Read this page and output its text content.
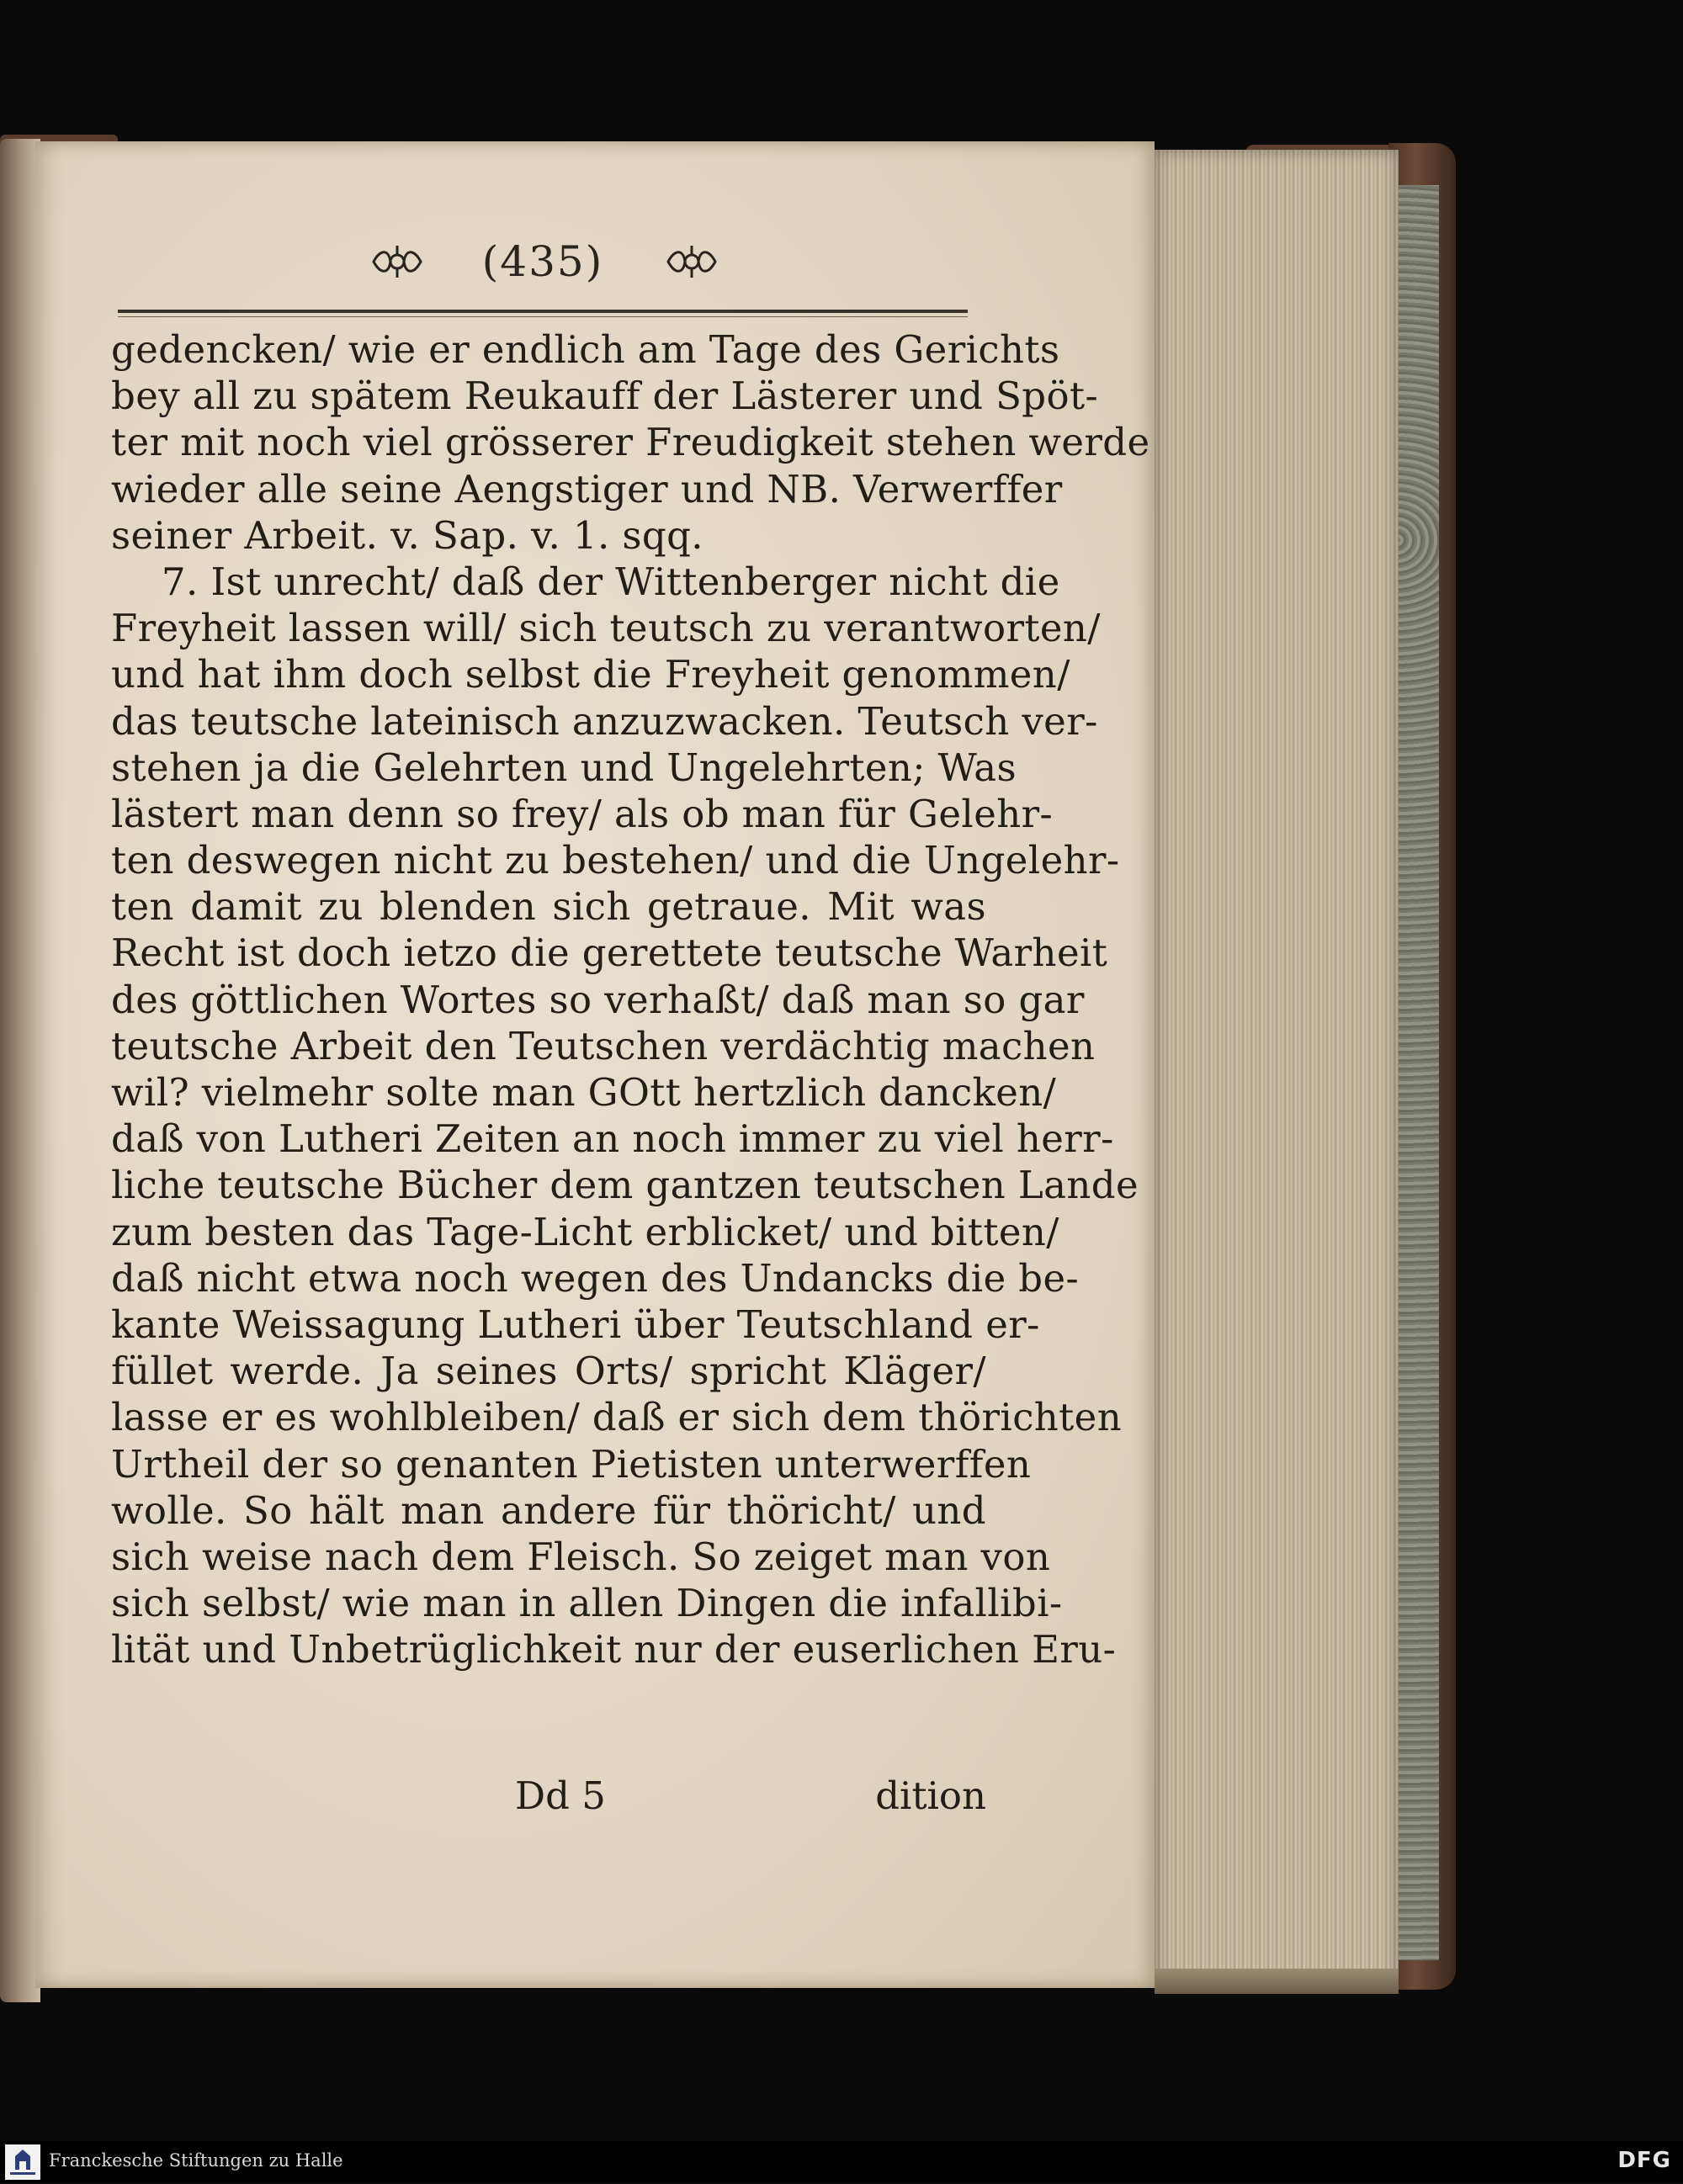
(435)
gedencken/ wie er endlich am Tage des Gerichts
bey all zu spätem Reukauff der Lästerer und Spöt-
ter mit noch viel grösserer Freudigkeit stehen werde
wieder alle seine Aengstiger und NB. Verwerffer
seiner Arbeit. v. Sap. v. 1. sqq.
7. Ist unrecht/ daß der Wittenberger nicht die
Freyheit lassen will/ sich teutsch zu verantworten/
und hat ihm doch selbst die Freyheit genommen/
das teutsche lateinisch anzuzwacken. Teutsch ver-
stehen ja die Gelehrten und Ungelehrten; Was
lästert man denn so frey/ als ob man für Gelehr-
ten deswegen nicht zu bestehen/ und die Ungelehr-
ten damit zu blenden sich getraue. Mit was
Recht ist doch ietzo die gerettete teutsche Warheit
des göttlichen Wortes so verhaßt/ daß man so gar
teutsche Arbeit den Teutschen verdächtig machen
wil? vielmehr solte man GOtt hertzlich dancken/
daß von Lutheri Zeiten an noch immer zu viel herr-
liche teutsche Bücher dem gantzen teutschen Lande
zum besten das Tage-Licht erblicket/ und bitten/
daß nicht etwa noch wegen des Undancks die be-
kante Weissagung Lutheri über Teutschland er-
füllet werde. Ja seines Orts/ spricht Kläger/
lasse er es wohlbleiben/ daß er sich dem thörichten
Urtheil der so genanten Pietisten unterwerffen
wolle. So hält man andere für thöricht/ und
sich weise nach dem Fleisch. So zeiget man von
sich selbst/ wie man in allen Dingen die infallibi-
lität und Unbetrüglichkeit nur der euserlichen Eru-
Dd 5	dition
Franckesche Stiftungen zu Halle	DFG
